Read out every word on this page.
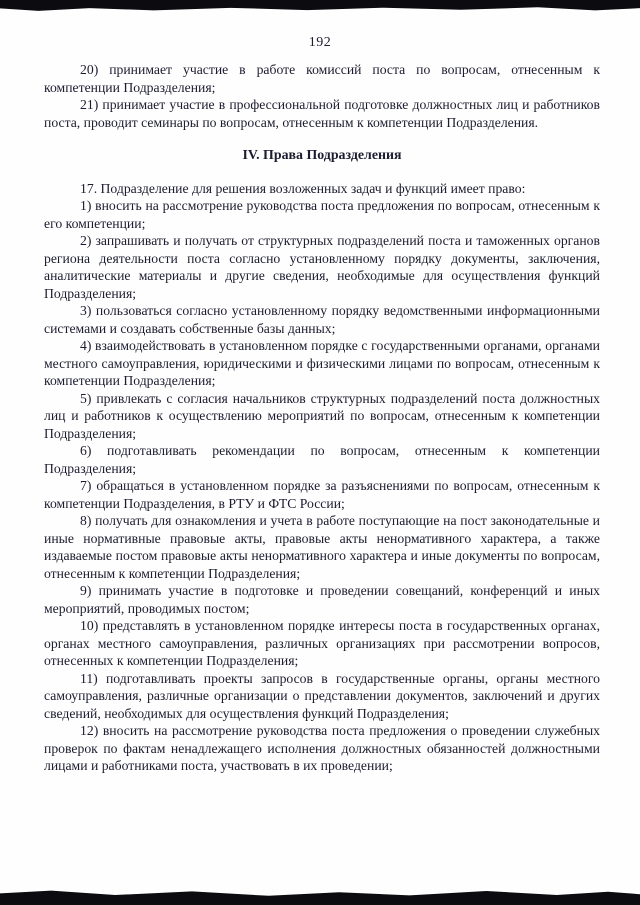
192

20) принимает участие в работе комиссий поста по вопросам, отнесенным к компетенции Подразделения;

21) принимает участие в профессиональной подготовке должностных лиц и работников поста, проводит семинары по вопросам, отнесенным к компетенции Подразделения.

IV. Права Подразделения

17. Подразделение для решения возложенных задач и функций имеет право:

1) вносить на рассмотрение руководства поста предложения по вопросам, отнесенным к его компетенции;

2) запрашивать и получать от структурных подразделений поста и таможенных органов региона деятельности поста согласно установленному порядку документы, заключения, аналитические материалы и другие сведения, необходимые для осуществления функций Подразделения;

3) пользоваться согласно установленному порядку ведомственными информационными системами и создавать собственные базы данных;

4) взаимодействовать в установленном порядке с государственными органами, органами местного самоуправления, юридическими и физическими лицами по вопросам, отнесенным к компетенции Подразделения;

5) привлекать с согласия начальников структурных подразделений поста должностных лиц и работников к осуществлению мероприятий по вопросам, отнесенным к компетенции Подразделения;

6) подготавливать рекомендации по вопросам, отнесенным к компетенции Подразделения;

7) обращаться в установленном порядке за разъяснениями по вопросам, отнесенным к компетенции Подразделения, в РТУ и ФТС России;

8) получать для ознакомления и учета в работе поступающие на пост законодательные и иные нормативные правовые акты, правовые акты ненормативного характера, а также издаваемые постом правовые акты ненормативного характера и иные документы по вопросам, отнесенным к компетенции Подразделения;

9) принимать участие в подготовке и проведении совещаний, конференций и иных мероприятий, проводимых постом;

10) представлять в установленном порядке интересы поста в государственных органах, органах местного самоуправления, различных организациях при рассмотрении вопросов, отнесенных к компетенции Подразделения;

11) подготавливать проекты запросов в государственные органы, органы местного самоуправления, различные организации о представлении документов, заключений и других сведений, необходимых для осуществления функций Подразделения;

12) вносить на рассмотрение руководства поста предложения о проведении служебных проверок по фактам ненадлежащего исполнения должностных обязанностей должностными лицами и работниками поста, участвовать в их проведении;
